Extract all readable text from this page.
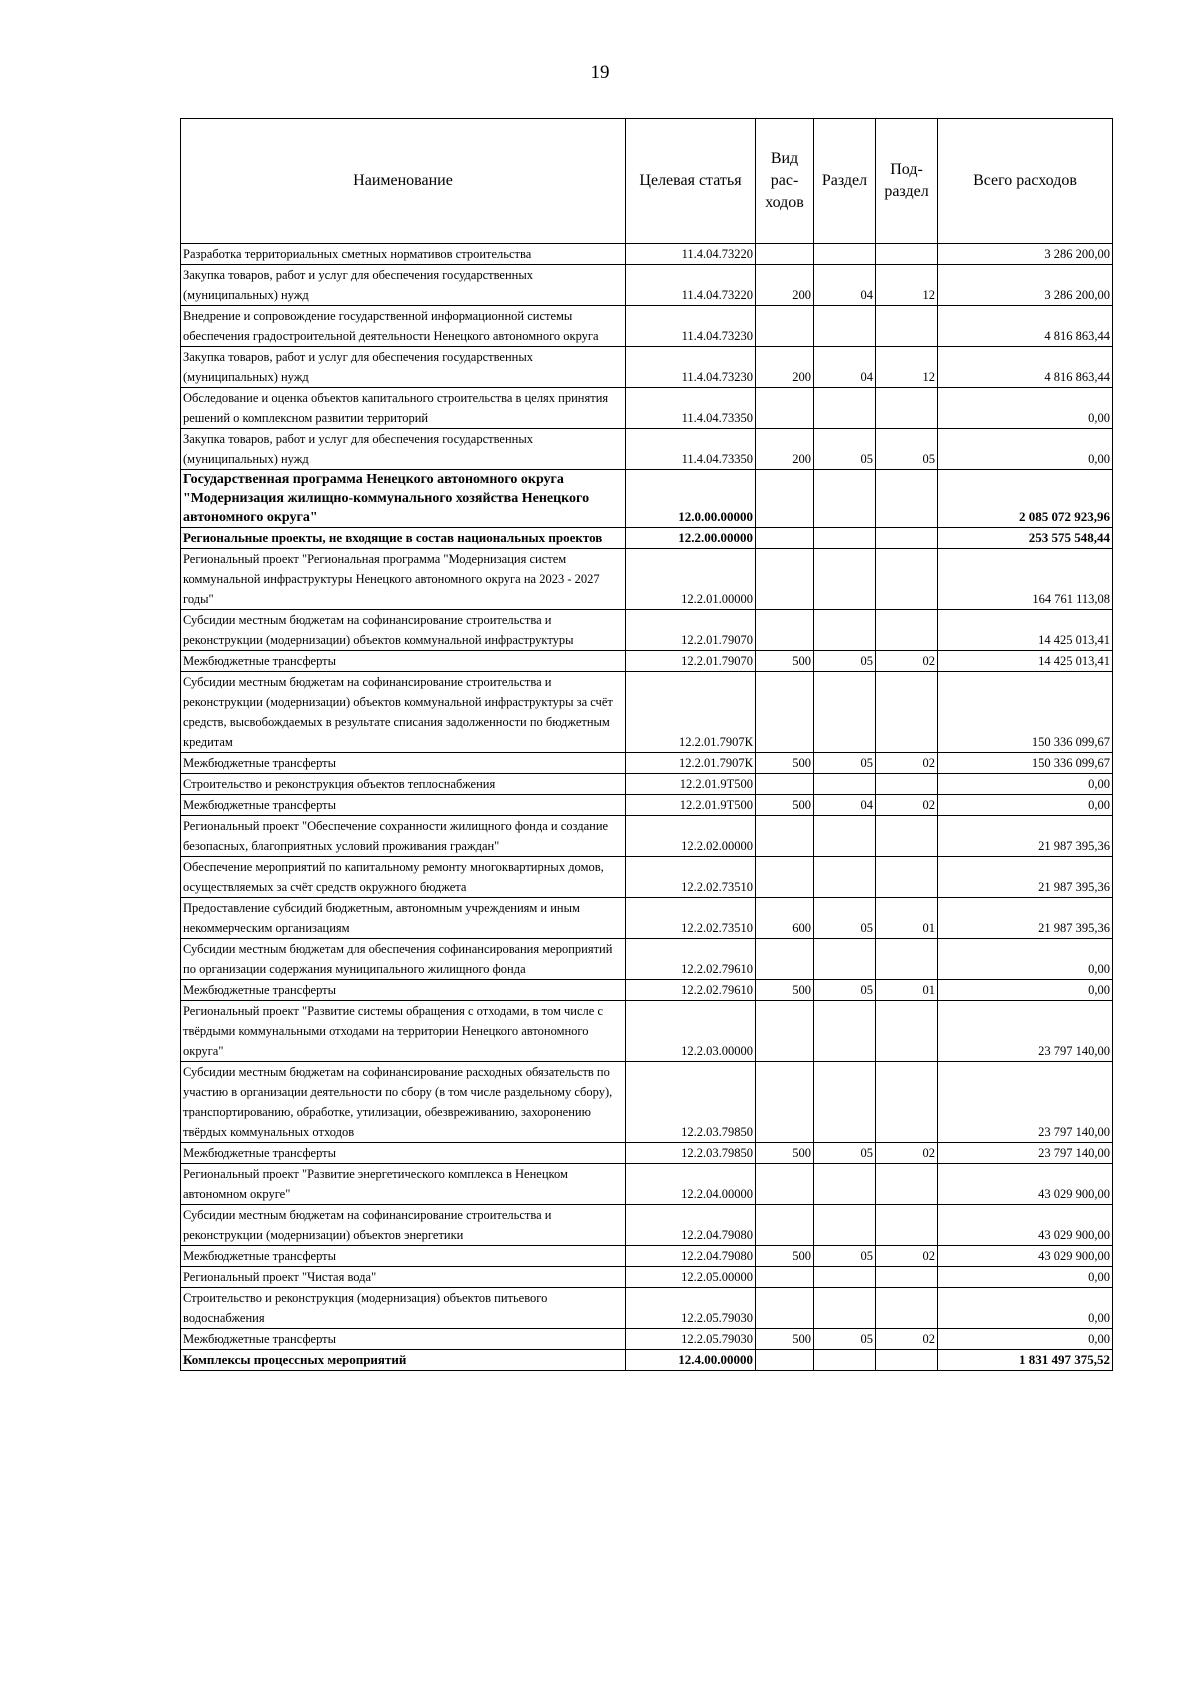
19
Наименование	Целевая статья	Вид рас- ходов	Раздел	Под- раздел	Всего расходов
Разработка территориальных сметных нормативов строительства	11.4.04.73220				3 286 200,00
Закупка товаров, работ и услуг для обеспечения государственных (муниципальных) нужд	11.4.04.73220	200	04	12	3 286 200,00
Внедрение и сопровождение государственной информационной системы обеспечения градостроительной деятельности Ненецкого автономного округа	11.4.04.73230				4 816 863,44
Закупка товаров, работ и услуг для обеспечения государственных (муниципальных) нужд	11.4.04.73230	200	04	12	4 816 863,44
Обследование и оценка объектов капитального строительства в целях принятия решений о комплексном развитии территорий	11.4.04.73350				0,00
Закупка товаров, работ и услуг для обеспечения государственных (муниципальных) нужд	11.4.04.73350	200	05	05	0,00
Государственная программа Ненецкого автономного округа "Модернизация жилищно-коммунального хозяйства Ненецкого автономного округа"	12.0.00.00000				2 085 072 923,96
Региональные проекты, не входящие в состав национальных проектов	12.2.00.00000				253 575 548,44
Региональный проект "Региональная программа "Модернизация систем коммунальной инфраструктуры Ненецкого автономного округа на 2023 - 2027 годы"	12.2.01.00000				164 761 113,08
Субсидии местным бюджетам на софинансирование строительства и реконструкции (модернизации) объектов коммунальной инфраструктуры	12.2.01.79070				14 425 013,41
Межбюджетные трансферты	12.2.01.79070	500	05	02	14 425 013,41
Субсидии местным бюджетам на софинансирование строительства и реконструкции (модернизации) объектов коммунальной инфраструктуры за счёт средств, высвобождаемых в результате списания задолженности по бюджетным кредитам	12.2.01.7907К				150 336 099,67
Межбюджетные трансферты	12.2.01.7907К	500	05	02	150 336 099,67
Строительство и реконструкция объектов теплоснабжения	12.2.01.9Т500				0,00
Межбюджетные трансферты	12.2.01.9Т500	500	04	02	0,00
Региональный проект "Обеспечение сохранности жилищного фонда и создание безопасных, благоприятных условий проживания граждан"	12.2.02.00000				21 987 395,36
Обеспечение мероприятий по капитальному ремонту многоквартирных домов, осуществляемых за счёт средств окружного бюджета	12.2.02.73510				21 987 395,36
Предоставление субсидий бюджетным, автономным учреждениям и иным некоммерческим организациям	12.2.02.73510	600	05	01	21 987 395,36
Субсидии местным бюджетам для обеспечения софинансирования мероприятий по организации содержания муниципального жилищного фонда	12.2.02.79610				0,00
Межбюджетные трансферты	12.2.02.79610	500	05	01	0,00
Региональный проект "Развитие системы обращения с отходами, в том числе с твёрдыми коммунальными отходами на территории Ненецкого автономного округа"	12.2.03.00000				23 797 140,00
Субсидии местным бюджетам на софинансирование расходных обязательств по участию в организации деятельности по сбору (в том числе раздельному сбору), транспортированию, обработке, утилизации, обезвреживанию, захоронению твёрдых коммунальных отходов	12.2.03.79850				23 797 140,00
Межбюджетные трансферты	12.2.03.79850	500	05	02	23 797 140,00
Региональный проект "Развитие энергетического комплекса в Ненецком автономном округе"	12.2.04.00000				43 029 900,00
Субсидии местным бюджетам на софинансирование строительства и реконструкции (модернизации) объектов энергетики	12.2.04.79080				43 029 900,00
Межбюджетные трансферты	12.2.04.79080	500	05	02	43 029 900,00
Региональный проект "Чистая вода"	12.2.05.00000				0,00
Строительство и реконструкция (модернизация) объектов питьевого водоснабжения	12.2.05.79030				0,00
Межбюджетные трансферты	12.2.05.79030	500	05	02	0,00
Комплексы процессных мероприятий	12.4.00.00000				1 831 497 375,52
